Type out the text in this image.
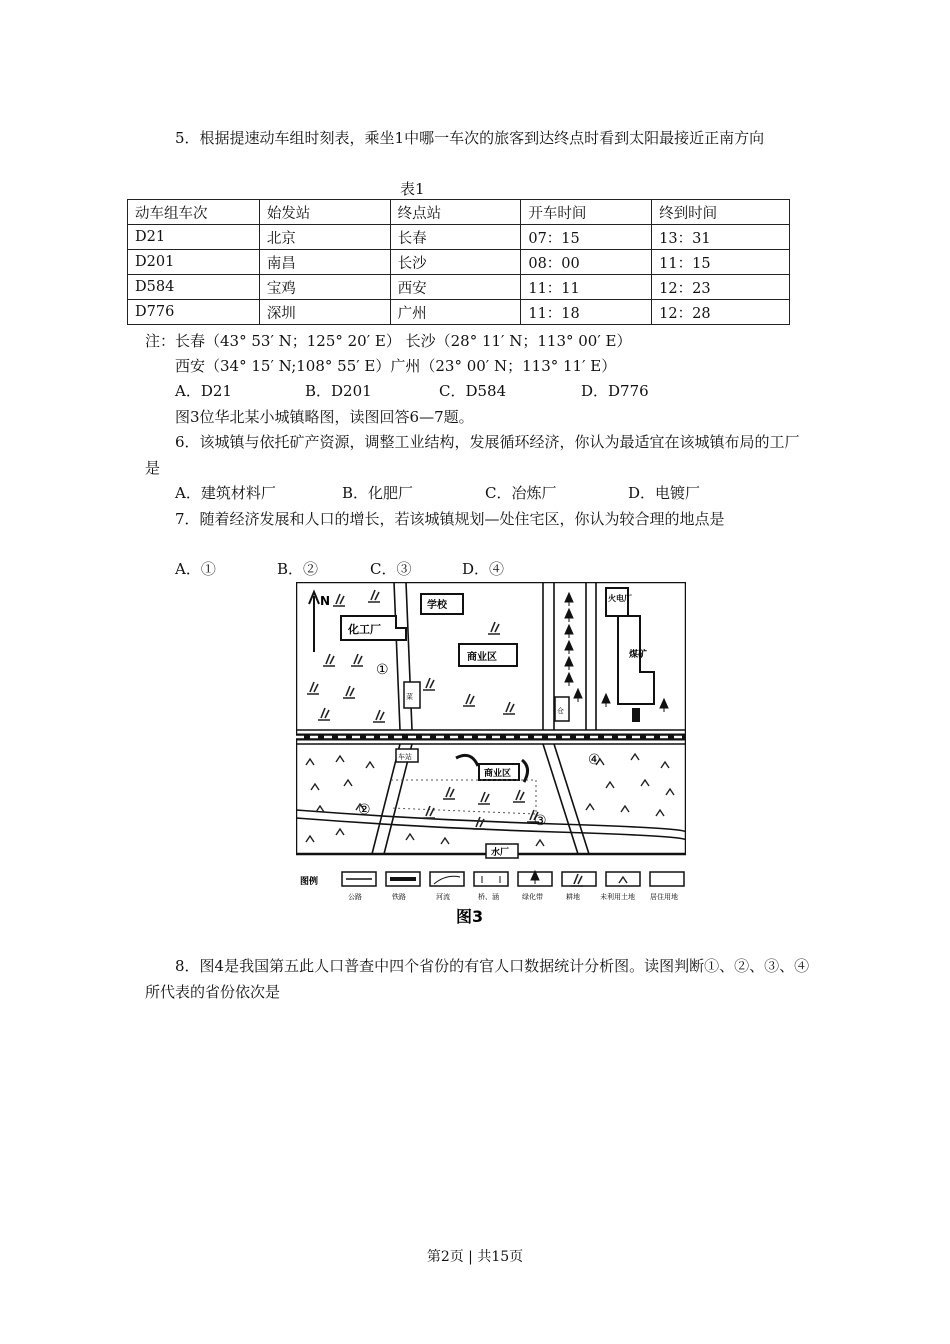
5．根据提速动车组时刻表，乘坐1中哪一车次的旅客到达终点时看到太阳最接近正南方向
表1
动车组车次	始发站	终点站	开车时间	终到时间
D21	北京	长春	07：15	13：31
D201	南昌	长沙	08：00	11：15
D584	宝鸡	西安	11：11	12：23
D776	深圳	广州	11：18	12：28
注：长春（43° 53′ N；125° 20′ E） 长沙（28° 11′ N；113° 00′ E）
西安（34° 15′ N;108° 55′ E）广州（23° 00′ N；113° 11′ E）
A．D21	B．D201	C．D584	D．D776
图3位华北某小城镇略图，读图回答6—7题。
6．该城镇与依托矿产资源，调整工业结构，发展循环经济，你认为最适宜在该城镇布局的工厂是
A．建筑材料厂	B．化肥厂	C．冶炼厂	D．电镀厂
7．随着经济发展和人口的增长，若该城镇规划—处住宅区，你认为较合理的地点是
A．①	B．②	C．③	D．④
N
化工厂
学校
商业区
菜
仓
火电厂
煤矿
车站
商业区
水厂
①
②
③
④
图例
公路	铁路	河流	桥、涵	绿化带	耕地	未利用土地 居住用地
图3
8．图4是我国第五此人口普查中四个省份的有官人口数据统计分析图。读图判断①、②、③、④所代表的省份依次是
第2页 | 共15页
